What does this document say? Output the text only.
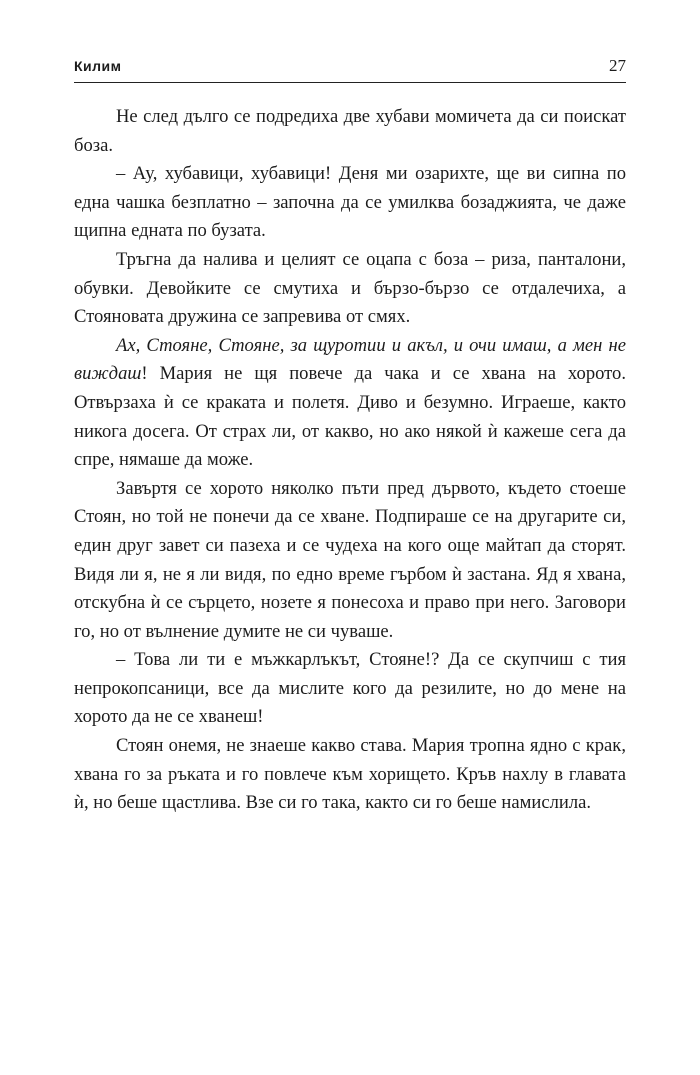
Килим	27

Не след дълго се подредиха две хубави момичета да си поискат боза.

– Ау, хубавици, хубавици! Деня ми озарихте, ще ви сипна по една чашка безплатно – започна да се умилква бозаджията, че даже щипна едната по бузата.

Тръгна да налива и целият се оцапа с боза – риза, панталони, обувки. Девойките се смутиха и бързо-бързо се отдалечиха, а Стояновата дружина се запревива от смях.

Ах, Стояне, Стояне, за щуротии и акъл, и очи имаш, а мен не виждаш! Мария не щя повече да чака и се хвана на хорото. Отвързаха ѝ се краката и полетя. Диво и безумно. Играеше, както никога досега. От страх ли, от какво, но ако някой ѝ кажеше сега да спре, нямаше да може.

Завъртя се хорото няколко пъти пред дървото, където стоеше Стоян, но той не понечи да се хване. Подпираше се на другарите си, един друг завет си пазеха и се чудеха на кого още майтап да сторят. Видя ли я, не я ли видя, по едно време гърбом ѝ застана. Яд я хвана, отскубна ѝ се сърцето, нозете я понесоха и право при него. Заговори го, но от вълнение думите не си чуваше.

– Това ли ти е мъжкарлъкът, Стояне!? Да се скупчиш с тия непрокопсаници, все да мислите кого да резилите, но до мене на хорото да не се хванеш!

Стоян онемя, не знаеше какво става. Мария тропна ядно с крак, хвана го за ръката и го повлече към хорището. Кръв нахлу в главата ѝ, но беше щастлива. Взе си го така, както си го беше намислила.
